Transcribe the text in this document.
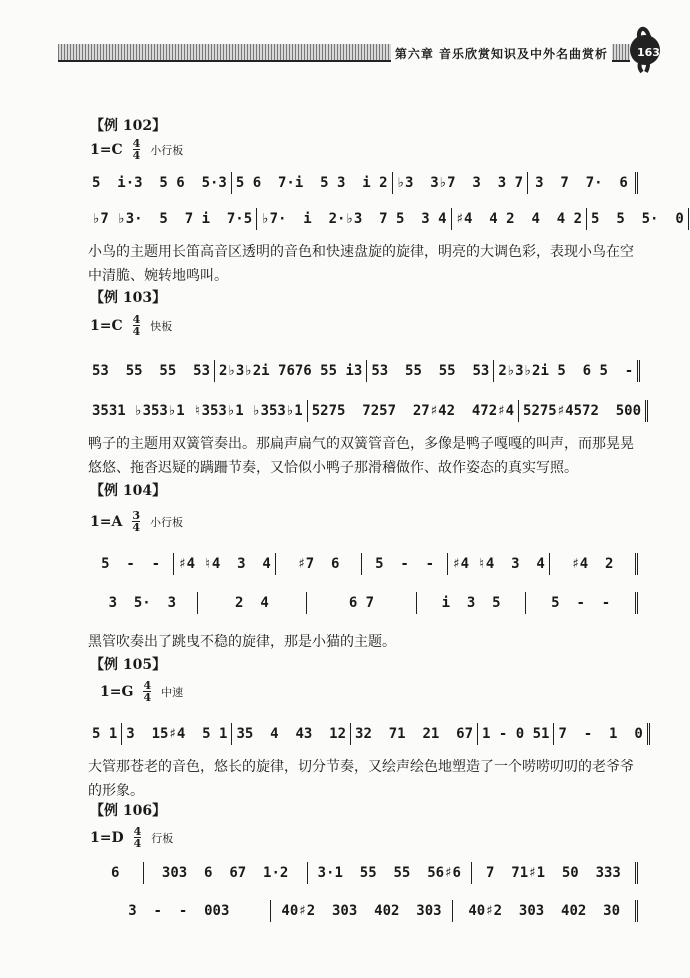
第六章 音乐欣赏知识及中外名曲赏析	163
【例 102】
1=C 4
4 小行板
5  i·3  5 6  5·3 5 6  7·i  5 3  i 2 ♭3  3♭7  3  3 7 3  7  7·  6
♭7 ♭3·  5  7 i  7·5 ♭7·  i  2·♭3  7 5  3 4 ♯4  4 2  4  4 2 5  5  5·  0
小鸟的主题用长笛高音区透明的音色和快速盘旋的旋律，明亮的大调色彩，表现小鸟在空中清脆、婉转地鸣叫。
【例 103】
1=C 4
4 快板
53  55  55  53 2♭3♭2i 7676 55 i3 53  55  55  53 2♭3♭2i 5  6 5  -
3531 ♭353♭1 ♮353♭1 ♭353♭1 5275  7257  27♯42  472♯4 5275♯4572  500
鸭子的主题用双簧管奏出。那扁声扁气的双簧管音色，多像是鸭子嘎嘎的叫声，而那晃晃悠悠、拖沓迟疑的蹒跚节奏，又恰似小鸭子那滑稽做作、故作姿态的真实写照。
【例 104】
1=A 3
4 小行板
5  -  -	♯4 ♮4  3  4	♯7  6	5  -  -	♯4 ♮4  3  4	♯4  2
3  5·  3	2  4	6 7	i  3  5	5  -  -
黑管吹奏出了跳曳不稳的旋律，那是小猫的主题。
【例 105】
1=G 4
4 中速
5 1 3  15♯4  5 1 35  4  43  12 32  71  21  67 1 - 0 51 7  -  1  0
大管那苍老的音色，悠长的旋律，切分节奏，又绘声绘色地塑造了一个唠唠叨叨的老爷爷的形象。
【例 106】
1=D 4
4 行板
6	303  6  67  1·2	3·1  55  55  56♯6	7  71♯1  50  333
3  -  -  003	40♯2  303  402  303	40♯2  303  402  30
